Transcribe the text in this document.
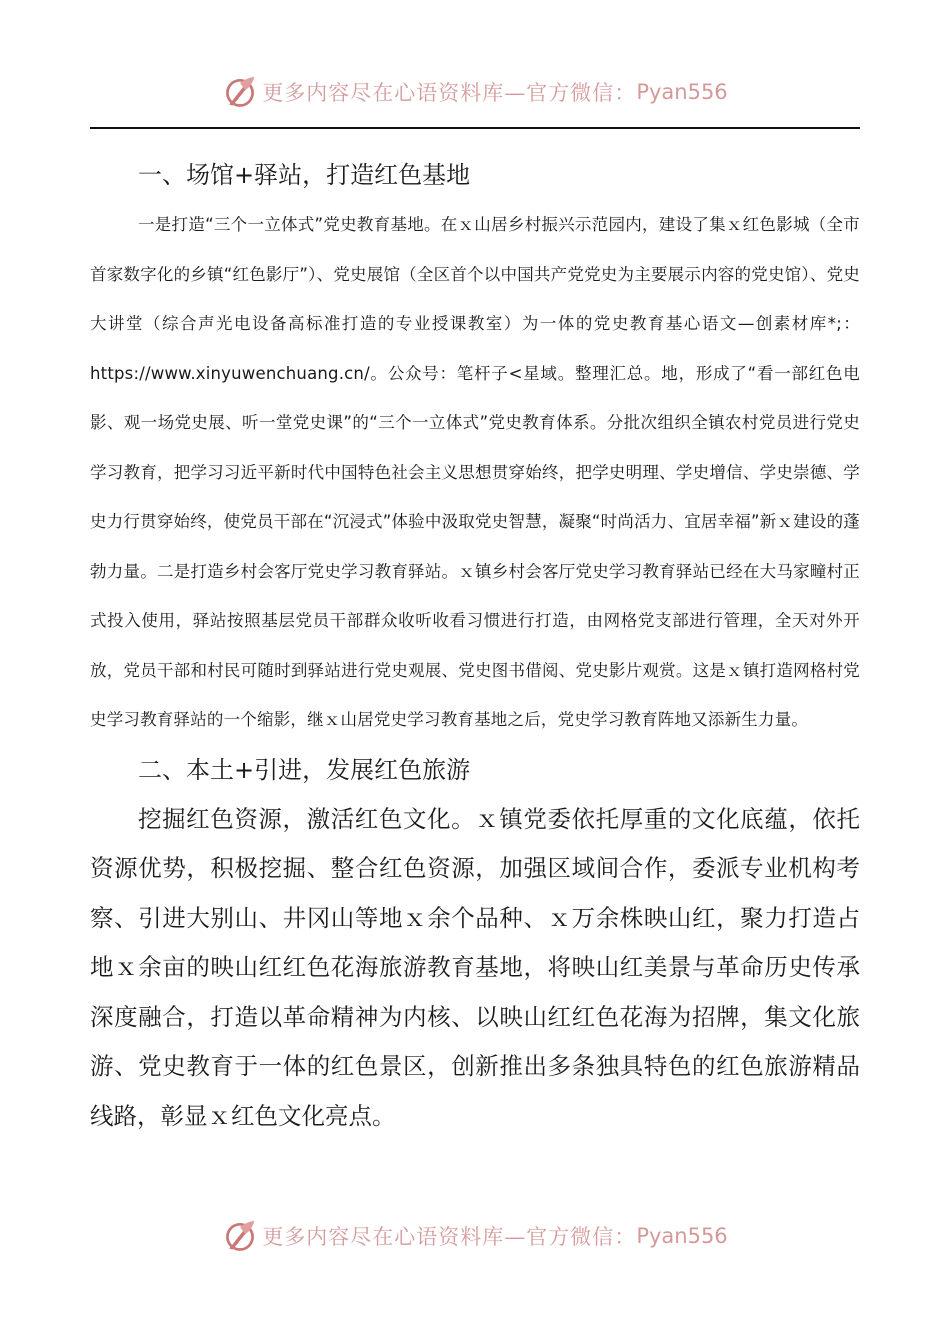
更多内容尽在心语资料库—官方微信： Pyan556
一、场馆+驿站，打造红色基地

一是打造“三个一立体式”党史教育基地。在ｘ山居乡村振兴示范园内，建设了集ｘ红色影城（全市首家数字化的乡镇“红色影厅”）、党史展馆（全区首个以中国共产党党史为主要展示内容的党史馆）、党史大讲堂（综合声光电设备高标准打造的专业授课教室）为一体的党史教育基心语文—创素材库*;：https://www.xinyuwenchuang.cn/。公众号：笔杆子<星域。整理汇总。地，形成了“看一部红色电影、观一场党史展、听一堂党史课”的“三个一立体式”党史教育体系。分批次组织全镇农村党员进行党史学习教育，把学习习近平新时代中国特色社会主义思想贯穿始终，把学史明理、学史增信、学史崇德、学史力行贯穿始终，使党员干部在“沉浸式”体验中汲取党史智慧，凝聚“时尚活力、宜居幸福”新ｘ建设的蓬勃力量。二是打造乡村会客厅党史学习教育驿站。ｘ镇乡村会客厅党史学习教育驿站已经在大马家疃村正式投入使用，驿站按照基层党员干部群众收听收看习惯进行打造，由网格党支部进行管理，全天对外开放，党员干部和村民可随时到驿站进行党史观展、党史图书借阅、党史影片观赏。这是ｘ镇打造网格村党史学习教育驿站的一个缩影，继ｘ山居党史学习教育基地之后，党史学习教育阵地又添新生力量。

二、本土+引进，发展红色旅游

挖掘红色资源，激活红色文化。ｘ镇党委依托厚重的文化底蕴，依托资源优势，积极挖掘、整合红色资源，加强区域间合作，委派专业机构考察、引进大别山、井冈山等地ｘ余个品种、ｘ万余株映山红，聚力打造占地ｘ余亩的映山红红色花海旅游教育基地，将映山红美景与革命历史传承深度融合，打造以革命精神为内核、以映山红红色花海为招牌，集文化旅游、党史教育于一体的红色景区，创新推出多条独具特色的红色旅游精品线路，彰显ｘ红色文化亮点。

更多内容尽在心语资料库—官方微信： Pyan556
